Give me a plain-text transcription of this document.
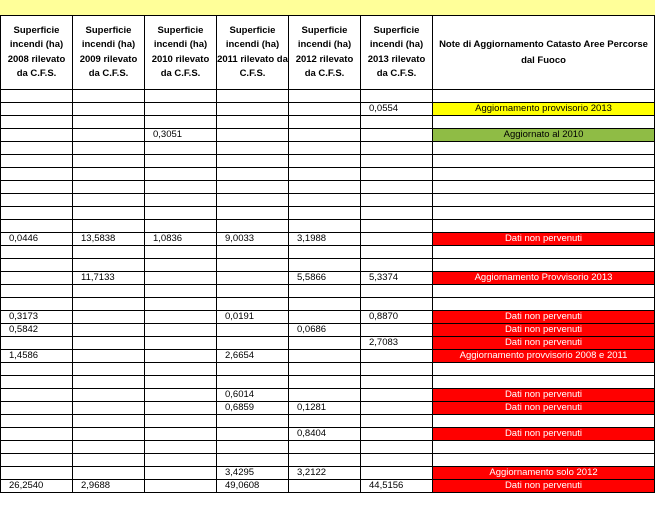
Superficie incendi (ha) 2008 rilevato da C.F.S.	Superficie incendi (ha) 2009 rilevato da C.F.S.	Superficie incendi (ha) 2010 rilevato da C.F.S.	Superficie incendi (ha) 2011 rilevato da C.F.S.	Superficie incendi (ha) 2012 rilevato da C.F.S.	Superficie incendi (ha) 2013 rilevato da C.F.S.	Note di Aggiornamento Catasto Aree Percorse dal Fuoco

					0,0554	Aggiornamento provvisorio 2013

		0,3051				Aggiornato al 2010

0,0446	13,5838	1,0836	9,0033	3,1988		Dati non pervenuti

	11,7133			5,5866	5,3374	Aggiornamento Provvisorio 2013

0,3173			0,0191		0,8870	Dati non pervenuti
0,5842				0,0686		Dati non pervenuti
					2,7083	Dati non pervenuti
1,4586			2,6654			Aggiornamento provvisorio 2008 e 2011

			0,6014			Dati non pervenuti
			0,6859	0,1281		Dati non pervenuti

				0,8404		Dati non pervenuti

			3,4295	3,2122		Aggiornamento solo 2012
26,2540	2,9688		49,0608		44,5156	Dati non pervenuti
